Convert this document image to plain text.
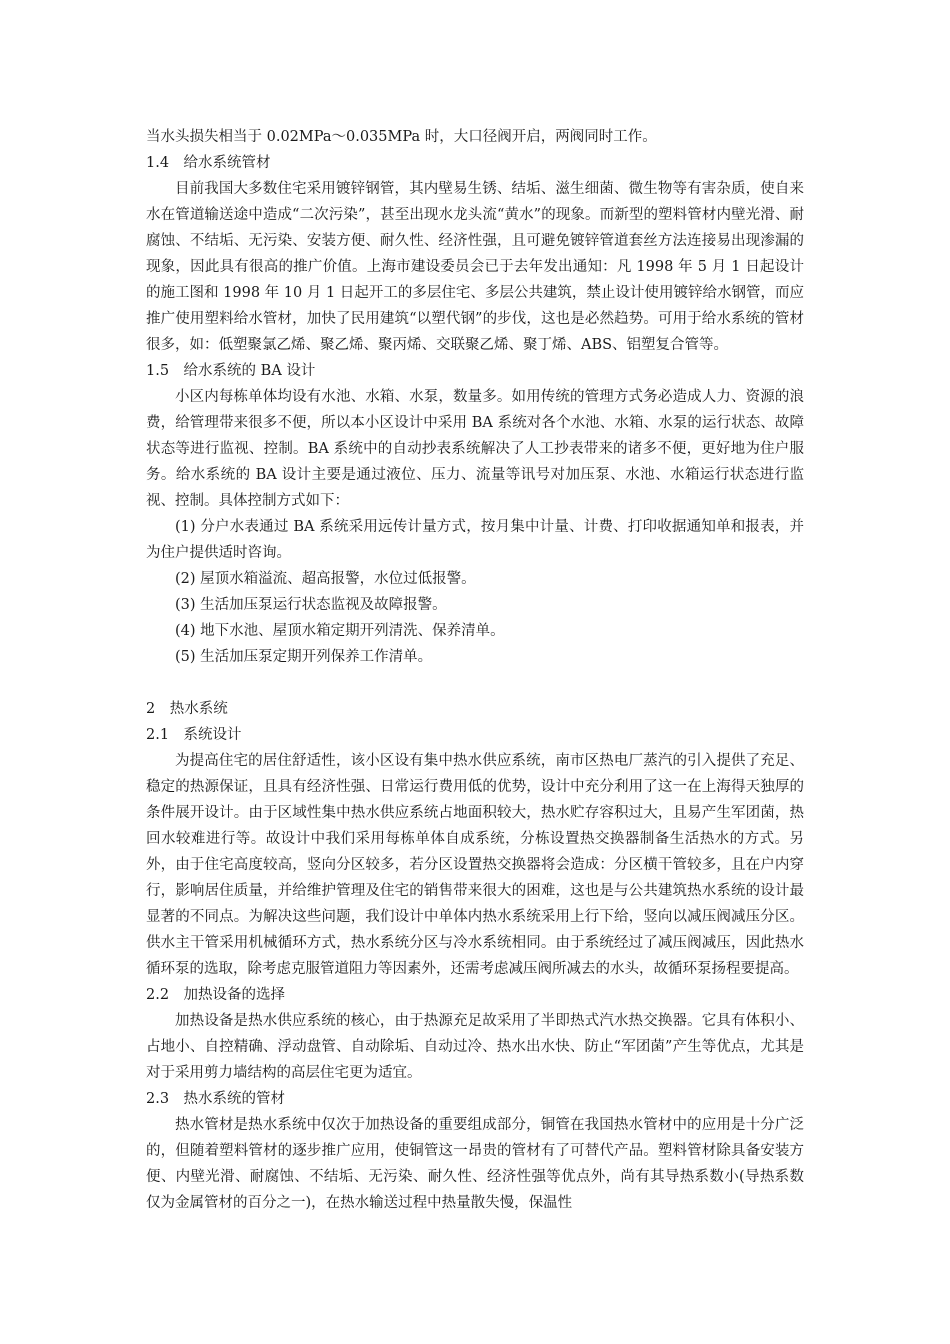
当水头损失相当于 0.02MPa～0.035MPa 时，大口径阀开启，两阀同时工作。

1.4　给水系统管材

目前我国大多数住宅采用镀锌钢管，其内壁易生锈、结垢、滋生细菌、微生物等有害杂质，使自来水在管道输送途中造成“二次污染”，甚至出现水龙头流“黄水”的现象。而新型的塑料管材内壁光滑、耐腐蚀、不结垢、无污染、安装方便、耐久性、经济性强，且可避免镀锌管道套丝方法连接易出现渗漏的现象，因此具有很高的推广价值。上海市建设委员会已于去年发出通知：凡 1998 年 5 月 1 日起设计的施工图和 1998 年 10 月 1 日起开工的多层住宅、多层公共建筑，禁止设计使用镀锌给水钢管，而应推广使用塑料给水管材，加快了民用建筑“以塑代钢”的步伐，这也是必然趋势。可用于给水系统的管材很多，如：低塑聚氯乙烯、聚乙烯、聚丙烯、交联聚乙烯、聚丁烯、ABS、铝塑复合管等。

1.5　给水系统的 BA 设计

小区内每栋单体均设有水池、水箱、水泵，数量多。如用传统的管理方式务必造成人力、资源的浪费，给管理带来很多不便，所以本小区设计中采用 BA 系统对各个水池、水箱、水泵的运行状态、故障状态等进行监视、控制。BA 系统中的自动抄表系统解决了人工抄表带来的诸多不便，更好地为住户服务。给水系统的 BA 设计主要是通过液位、压力、流量等讯号对加压泵、水池、水箱运行状态进行监视、控制。具体控制方式如下：

(1) 分户水表通过 BA 系统采用远传计量方式，按月集中计量、计费、打印收据通知单和报表，并为住户提供适时咨询。

(2) 屋顶水箱溢流、超高报警，水位过低报警。

(3) 生活加压泵运行状态监视及故障报警。

(4) 地下水池、屋顶水箱定期开列清洗、保养清单。

(5) 生活加压泵定期开列保养工作清单。

2　热水系统

2.1　系统设计

为提高住宅的居住舒适性，该小区设有集中热水供应系统，南市区热电厂蒸汽的引入提供了充足、稳定的热源保证，且具有经济性强、日常运行费用低的优势，设计中充分利用了这一在上海得天独厚的条件展开设计。由于区域性集中热水供应系统占地面积较大，热水贮存容积过大，且易产生军团菌，热回水较难进行等。故设计中我们采用每栋单体自成系统，分栋设置热交换器制备生活热水的方式。另外，由于住宅高度较高，竖向分区较多，若分区设置热交换器将会造成：分区横干管较多，且在户内穿行，影响居住质量，并给维护管理及住宅的销售带来很大的困难，这也是与公共建筑热水系统的设计最显著的不同点。为解决这些问题，我们设计中单体内热水系统采用上行下给，竖向以减压阀减压分区。供水主干管采用机械循环方式，热水系统分区与冷水系统相同。由于系统经过了减压阀减压，因此热水循环泵的选取，除考虑克服管道阻力等因素外，还需考虑减压阀所减去的水头，故循环泵扬程要提高。

2.2　加热设备的选择

加热设备是热水供应系统的核心，由于热源充足故采用了半即热式汽水热交换器。它具有体积小、占地小、自控精确、浮动盘管、自动除垢、自动过冷、热水出水快、防止“军团菌”产生等优点，尤其是对于采用剪力墙结构的高层住宅更为适宜。

2.3　热水系统的管材

热水管材是热水系统中仅次于加热设备的重要组成部分，铜管在我国热水管材中的应用是十分广泛的，但随着塑料管材的逐步推广应用，使铜管这一昂贵的管材有了可替代产品。塑料管材除具备安装方便、内壁光滑、耐腐蚀、不结垢、无污染、耐久性、经济性强等优点外，尚有其导热系数小(导热系数仅为金属管材的百分之一)，在热水输送过程中热量散失慢，保温性
